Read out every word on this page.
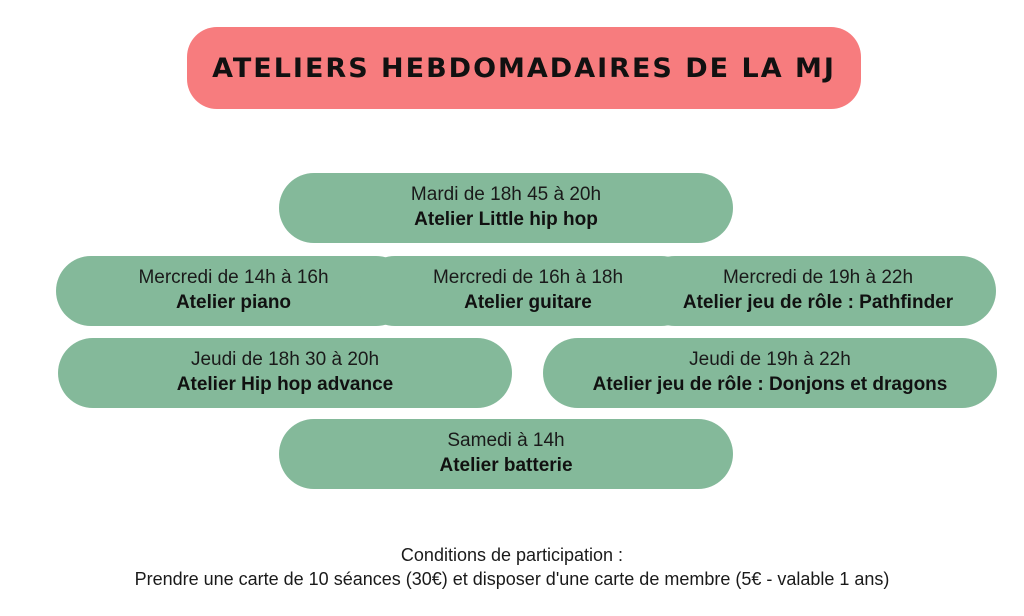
ATELIERS HEBDOMADAIRES DE LA MJ
Mardi de 18h 45 à 20h
Atelier Little hip hop
Mercredi de 14h à 16h
Atelier piano
Mercredi de 16h à 18h
Atelier guitare
Mercredi de 19h à 22h
Atelier jeu de rôle : Pathfinder
Jeudi de 18h 30 à 20h
Atelier Hip hop advance
Jeudi de 19h à 22h
Atelier jeu de rôle : Donjons et dragons
Samedi à 14h
Atelier batterie
Conditions de participation :
Prendre une carte de 10 séances (30€) et disposer d'une carte de membre (5€ - valable 1 ans)
